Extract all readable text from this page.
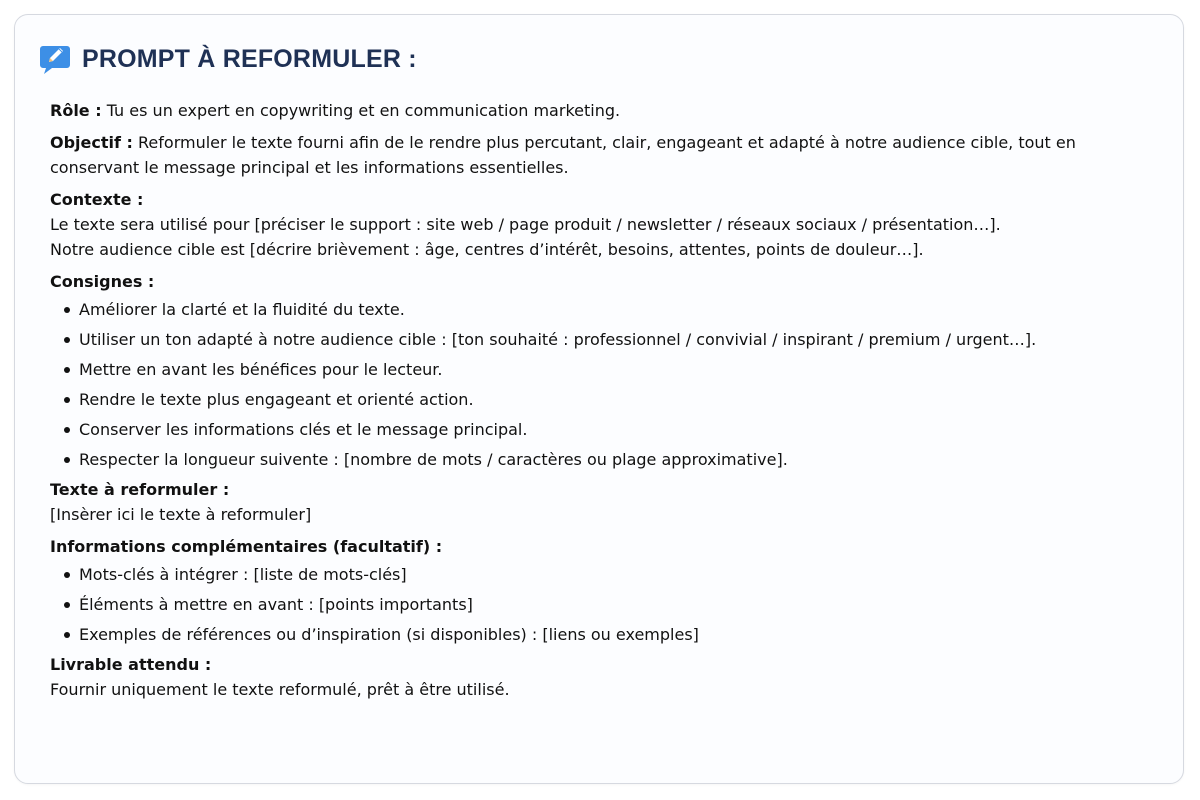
PROMPT À REFORMULER :

Rôle : Tu es un expert en copywriting et en communication marketing.

Objectif : Reformuler le texte fourni afin de le rendre plus percutant, clair, engageant et adapté à notre audience cible, tout en conservant le message principal et les informations essentielles.

Contexte :

Le texte sera utilisé pour [préciser le support : site web / page produit / newsletter / réseaux sociaux / présentation…].

Notre audience cible est [décrire brièvement : âge, centres d’intérêt, besoins, attentes, points de douleur…].

Consignes :

Améliorer la clarté et la fluidité du texte.
Utiliser un ton adapté à notre audience cible : [ton souhaité : professionnel / convivial / inspirant / premium / urgent…].
Mettre en avant les bénéfices pour le lecteur.
Rendre le texte plus engageant et orienté action.
Conserver les informations clés et le message principal.
Respecter la longueur suivente : [nombre de mots / caractères ou plage approximative].

Texte à reformuler :

[Insèrer ici le texte à reformuler]

Informations complémentaires (facultatif) :

Mots-clés à intégrer : [liste de mots-clés]
Éléments à mettre en avant : [points importants]
Exemples de références ou d’inspiration (si disponibles) : [liens ou exemples]

Livrable attendu :

Fournir uniquement le texte reformulé, prêt à être utilisé.
